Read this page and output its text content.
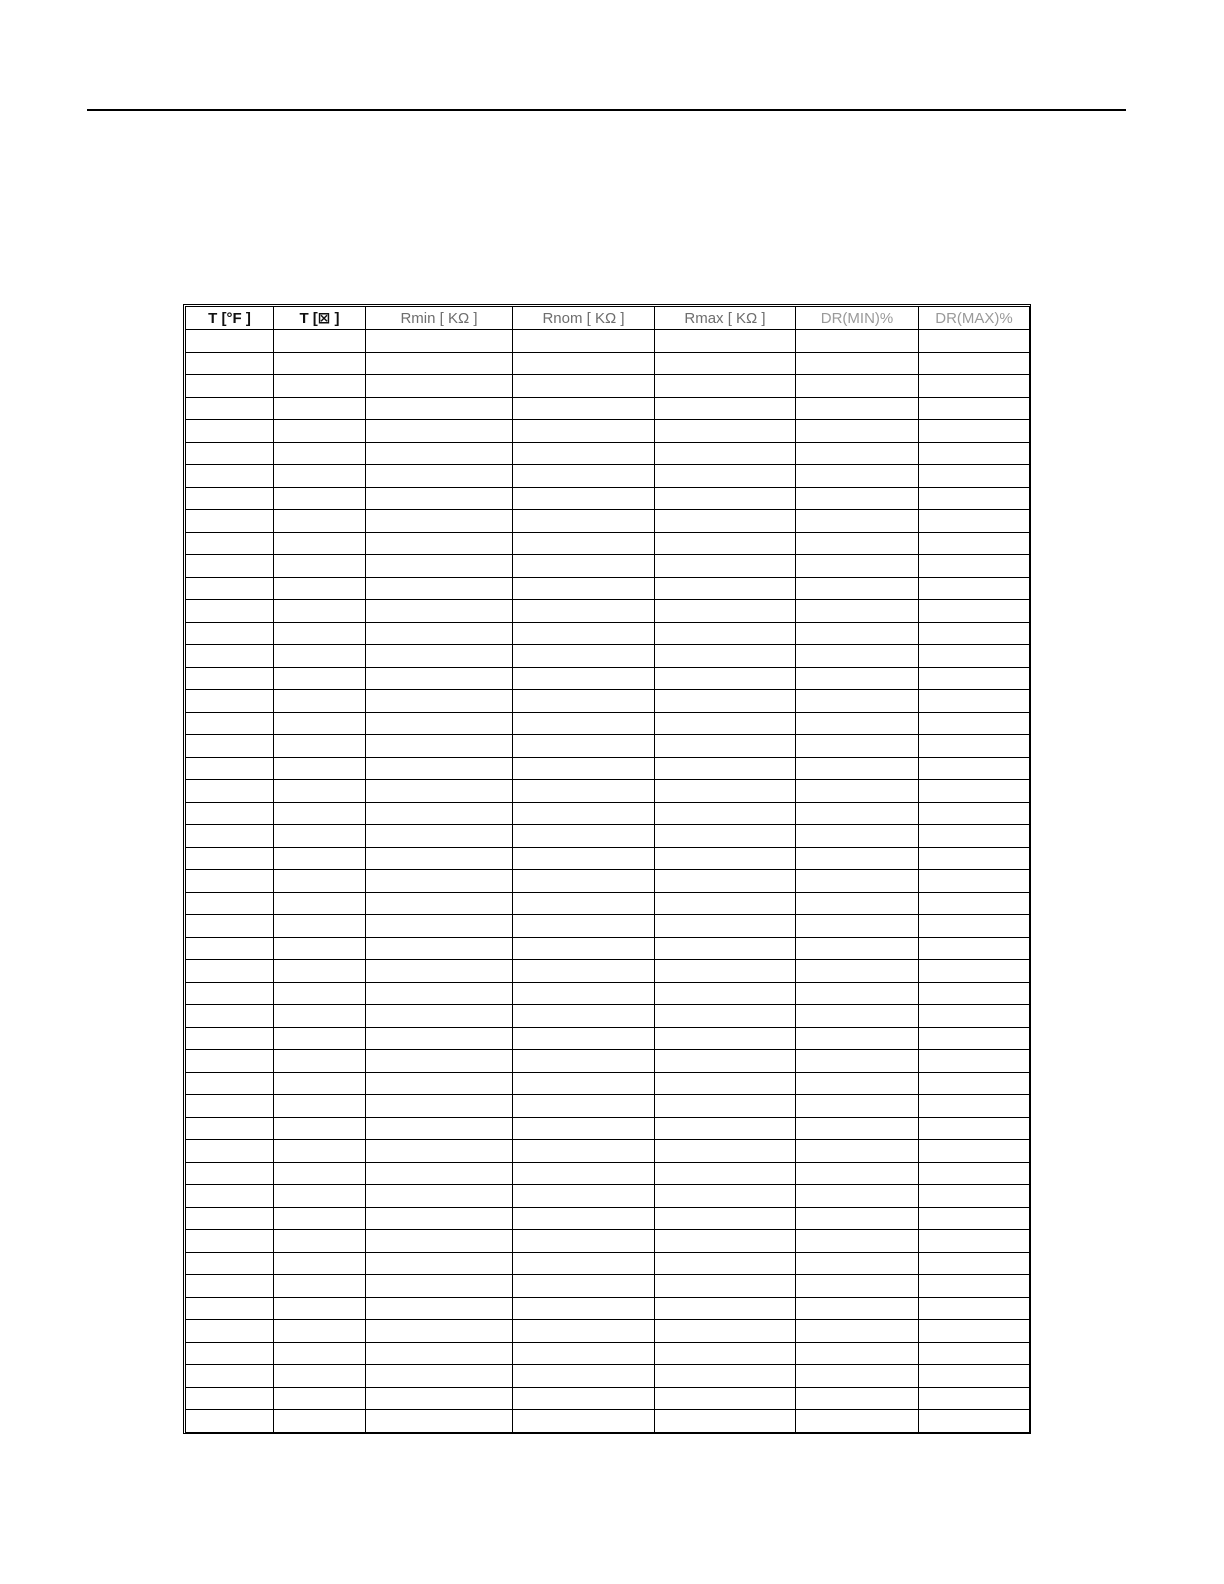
T [°F ]	T [⊠ ]	Rmin [ KΩ ]	Rnom [ KΩ ]	Rmax [ KΩ ]	DR(MIN)%	DR(MAX)%
